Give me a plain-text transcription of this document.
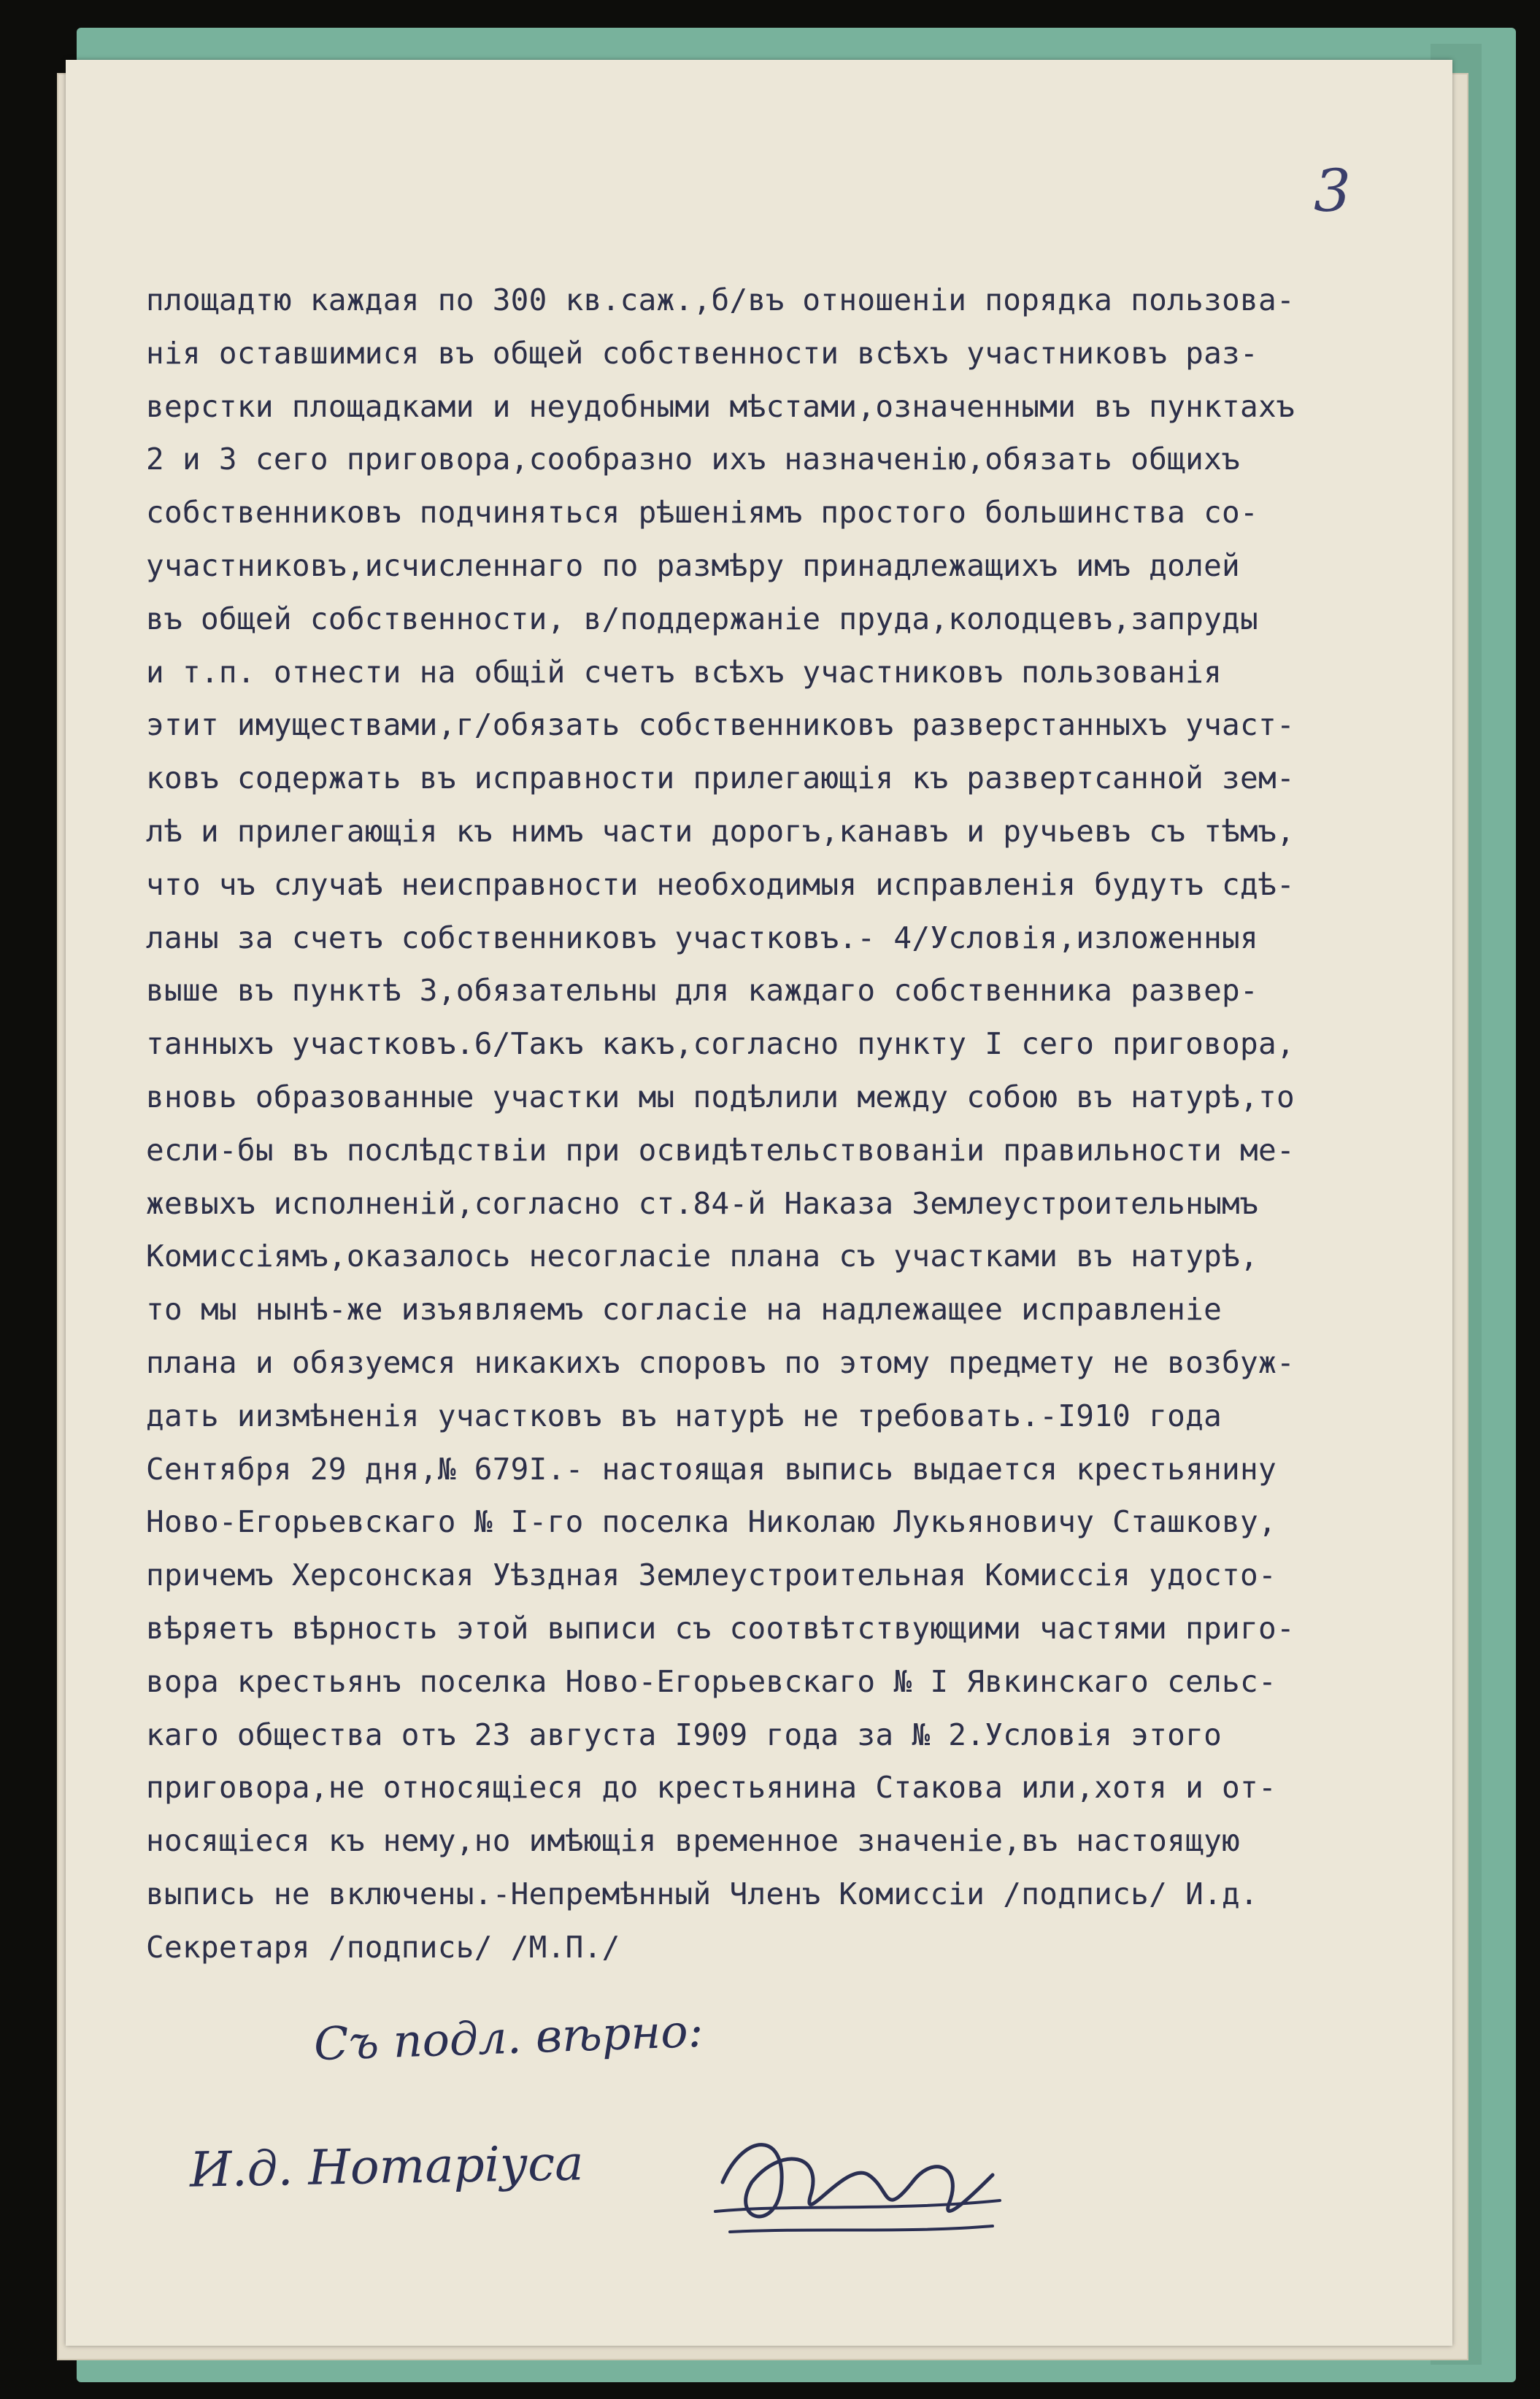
3
площадтю каждая по 300 кв.саж.,б/въ отношенiи порядка пользова-
нiя оставшимися въ общей собственности всѣхъ участниковъ раз-
верстки площадками и неудобными мѣстами,означенными въ пунктахъ
2 и 3 сего приговора,сообразно ихъ назначенiю,обязать общихъ
собственниковъ подчиняться рѣшенiямъ простого большинства со-
участниковъ,исчисленнаго по размѣру принадлежащихъ имъ долей
въ общей собственности, в/поддержанiе пруда,колодцевъ,запруды
и т.п. отнести на общiй счетъ всѣхъ участниковъ пользованiя
этит имуществами,г/обязать собственниковъ разверстанныхъ участ-
ковъ содержать въ исправности прилегающiя къ развертсанной зем-
лѣ и прилегающiя къ нимъ части дорогъ,канавъ и ручьевъ съ тѣмъ,
что чъ случаѣ неисправности необходимыя исправленiя будутъ сдѣ-
ланы за счетъ собственниковъ участковъ.- 4/Условiя,изложенныя
выше въ пунктѣ 3,обязательны для каждаго собственника развер-
танныхъ участковъ.6/Такъ какъ,согласно пункту I сего приговора,
вновь образованные участки мы подѣлили между собою въ натурѣ,то
если-бы въ послѣдствiи при освидѣтельствованiи правильности ме-
жевыхъ исполненiй,согласно ст.84-й Наказа Землеустроительнымъ
Комиссiямъ,оказалось несогласiе плана съ участками въ натурѣ,
то мы нынѣ-же изъявляемъ согласiе на надлежащее исправленiе
плана и обязуемся никакихъ споровъ по этому предмету не возбуж-
дать иизмѣненiя участковъ въ натурѣ не требовать.-I910 года
Сентября 29 дня,№ 679I.- настоящая выпись выдается крестьянину
Ново-Егорьевскаго № I-го поселка Николаю Лукьяновичу Сташкову,
причемъ Херсонская Уѣздная Землеустроительная Комиссiя удосто-
вѣряетъ вѣрность этой выписи съ соотвѣтствующими частями приго-
вора крестьянъ поселка Ново-Егорьевскаго № I Явкинскаго сельс-
каго общества отъ 23 августа I909 года за № 2.Условiя этого
приговора,не относящiеся до крестьянина Стакова или,хотя и от-
носящiеся къ нему,но имѣющiя временное значенiе,въ настоящую
выпись не включены.-Непремѣнный Членъ Комиссiи /подпись/ И.д.
Секретаря /подпись/ /М.П./
Съ подл. вѣрно:
И.д. Нотарiуса
